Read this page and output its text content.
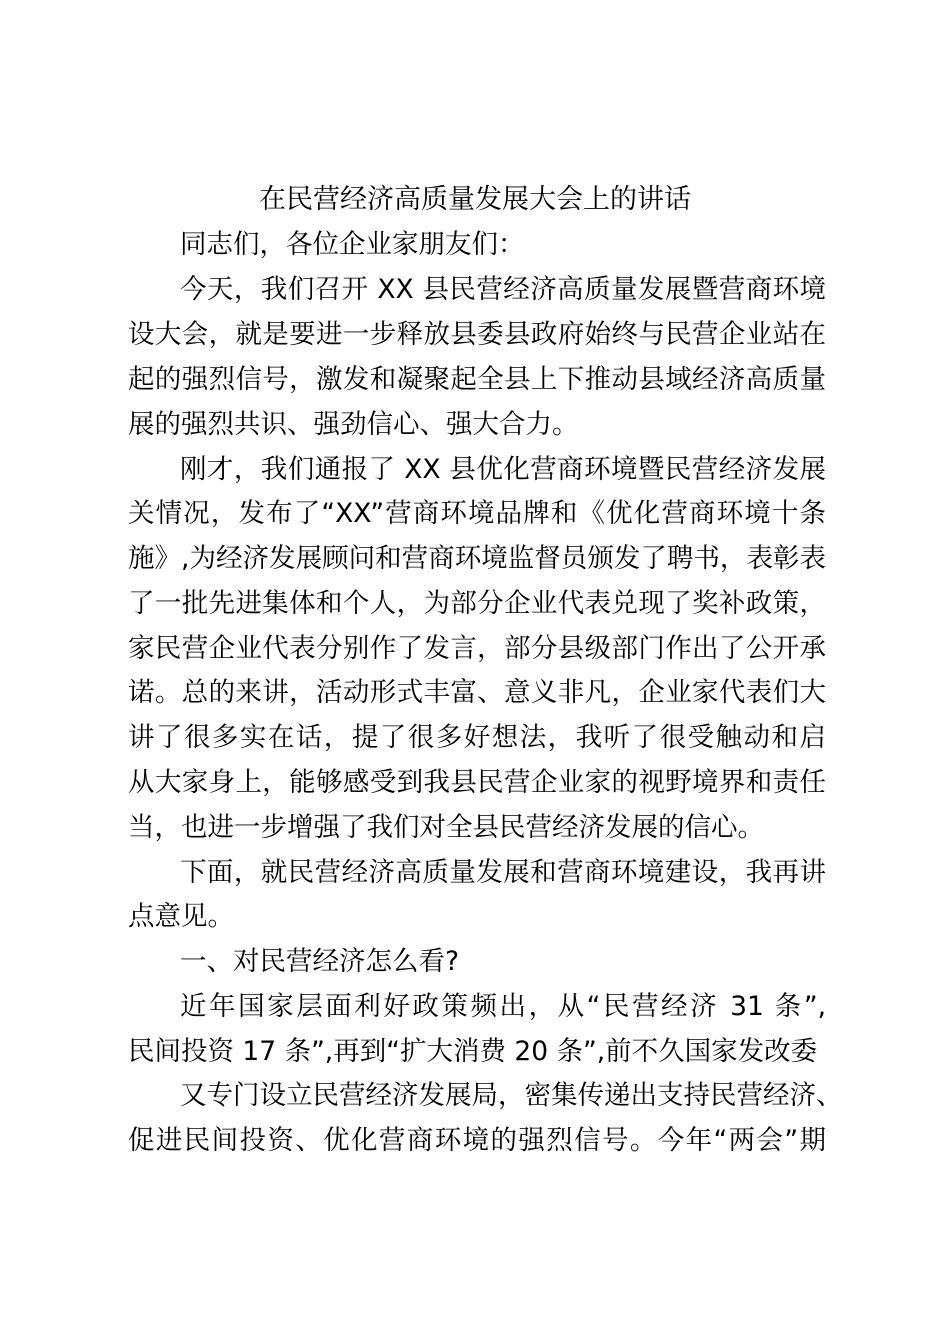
在民营经济高质量发展大会上的讲话
同志们，各位企业家朋友们：
今天，我们召开 XX 县民营经济高质量发展暨营商环境
设大会，就是要进一步释放县委县政府始终与民营企业站在
起的强烈信号，激发和凝聚起全县上下推动县域经济高质量
展的强烈共识、强劲信心、强大合力。
刚才，我们通报了 XX 县优化营商环境暨民营经济发展
关情况，发布了“XX”营商环境品牌和《优化营商环境十条
施》,为经济发展顾问和营商环境监督员颁发了聘书，表彰表
了一批先进集体和个人，为部分企业代表兑现了奖补政策，
家民营企业代表分别作了发言，部分县级部门作出了公开承
诺。总的来讲，活动形式丰富、意义非凡，企业家代表们大
讲了很多实在话，提了很多好想法，我听了很受触动和启
从大家身上，能够感受到我县民营企业家的视野境界和责任
当，也进一步增强了我们对全县民营经济发展的信心。
下面，就民营经济高质量发展和营商环境建设，我再讲
点意见。
一、对民营经济怎么看?
近年国家层面利好政策频出，从“民营经济 31 条”,
民间投资 17 条”,再到“扩大消费 20 条”,前不久国家发改委
又专门设立民营经济发展局，密集传递出支持民营经济、
促进民间投资、优化营商环境的强烈信号。今年“两会”期
